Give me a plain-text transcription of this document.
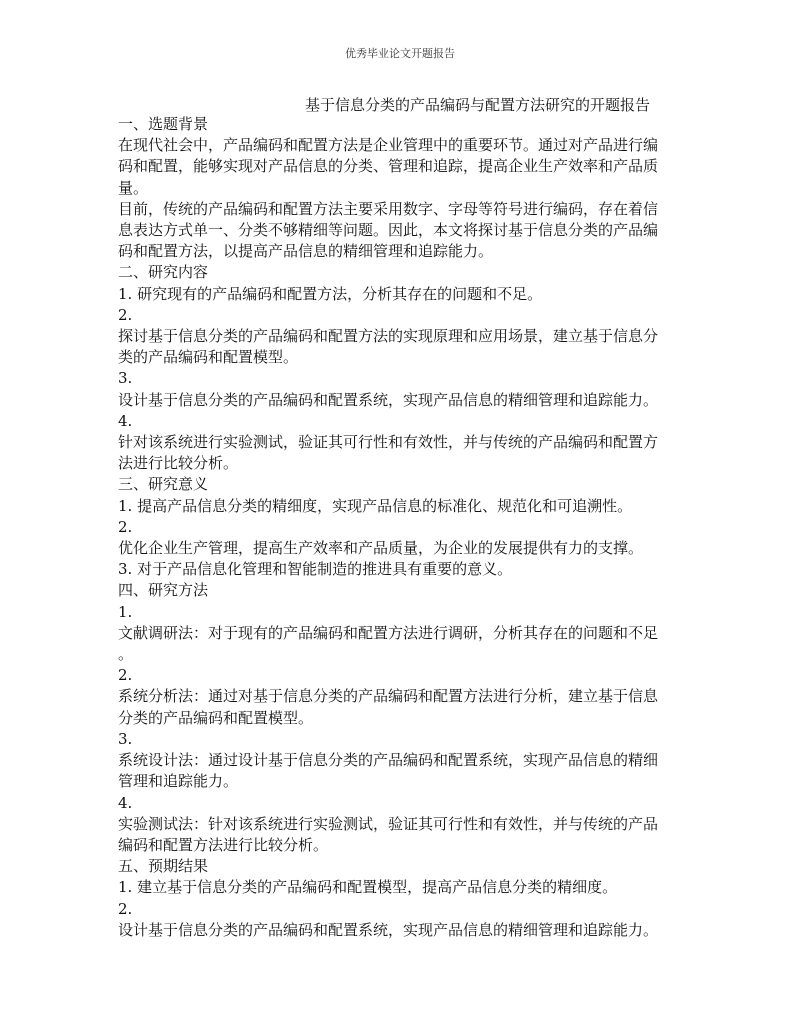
优秀毕业论文开题报告
基于信息分类的产品编码与配置方法研究的开题报告

一、选题背景

在现代社会中，产品编码和配置方法是企业管理中的重要环节。通过对产品进行编

码和配置，能够实现对产品信息的分类、管理和追踪，提高企业生产效率和产品质

量。

目前，传统的产品编码和配置方法主要采用数字、字母等符号进行编码，存在着信

息表达方式单一、分类不够精细等问题。因此，本文将探讨基于信息分类的产品编

码和配置方法，以提高产品信息的精细管理和追踪能力。

二、研究内容

1. 研究现有的产品编码和配置方法，分析其存在的问题和不足。

2.

探讨基于信息分类的产品编码和配置方法的实现原理和应用场景，建立基于信息分

类的产品编码和配置模型。

3.

设计基于信息分类的产品编码和配置系统，实现产品信息的精细管理和追踪能力。

4.

针对该系统进行实验测试，验证其可行性和有效性，并与传统的产品编码和配置方

法进行比较分析。

三、研究意义

1. 提高产品信息分类的精细度，实现产品信息的标准化、规范化和可追溯性。

2.

优化企业生产管理，提高生产效率和产品质量，为企业的发展提供有力的支撑。

3. 对于产品信息化管理和智能制造的推进具有重要的意义。

四、研究方法

1.

文献调研法：对于现有的产品编码和配置方法进行调研，分析其存在的问题和不足

。

2.

系统分析法：通过对基于信息分类的产品编码和配置方法进行分析，建立基于信息

分类的产品编码和配置模型。

3.

系统设计法：通过设计基于信息分类的产品编码和配置系统，实现产品信息的精细

管理和追踪能力。

4.

实验测试法：针对该系统进行实验测试，验证其可行性和有效性，并与传统的产品

编码和配置方法进行比较分析。

五、预期结果

1. 建立基于信息分类的产品编码和配置模型，提高产品信息分类的精细度。

2.

设计基于信息分类的产品编码和配置系统，实现产品信息的精细管理和追踪能力。
